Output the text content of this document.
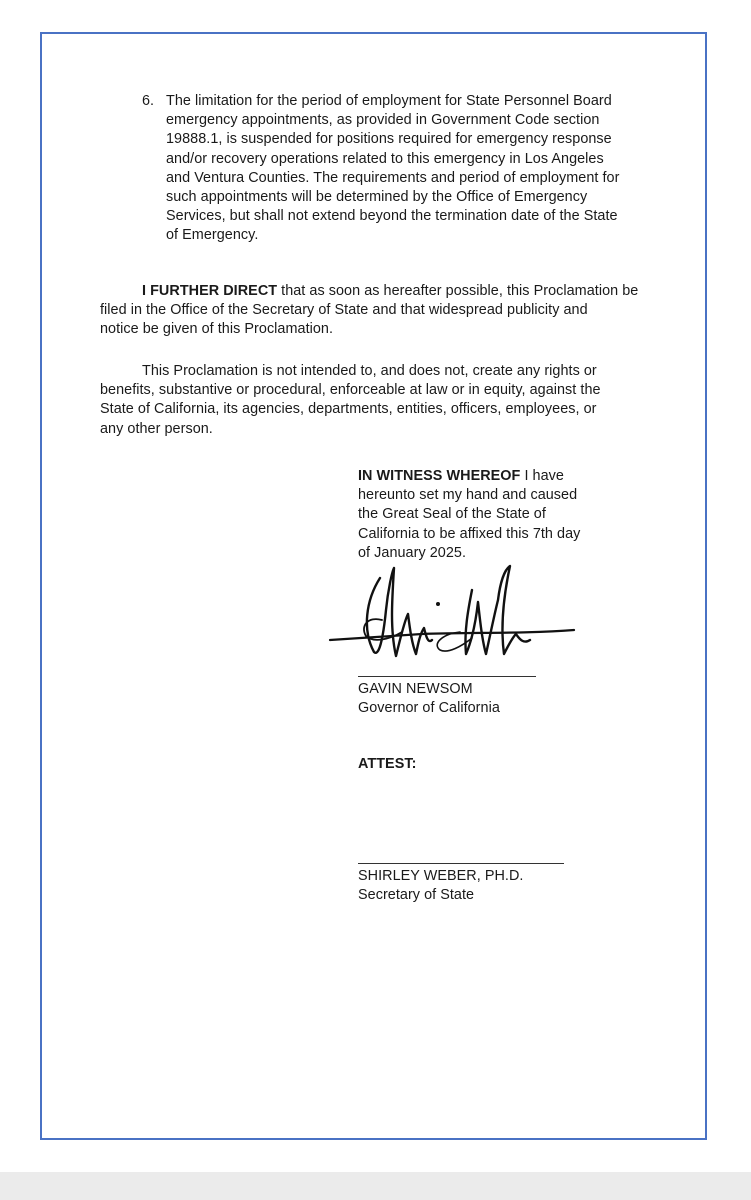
6. The limitation for the period of employment for State Personnel Board
emergency appointments, as provided in Government Code section
19888.1, is suspended for positions required for emergency response
and/or recovery operations related to this emergency in Los Angeles
and Ventura Counties. The requirements and period of employment for
such appointments will be determined by the Office of Emergency
Services, but shall not extend beyond the termination date of the State
of Emergency.
I FURTHER DIRECT that as soon as hereafter possible, this Proclamation be
filed in the Office of the Secretary of State and that widespread publicity and
notice be given of this Proclamation.
This Proclamation is not intended to, and does not, create any rights or
benefits, substantive or procedural, enforceable at law or in equity, against the
State of California, its agencies, departments, entities, officers, employees, or
any other person.
IN WITNESS WHEREOF I have
hereunto set my hand and caused
the Great Seal of the State of
California to be affixed this 7th day
of January 2025.
GAVIN NEWSOM
Governor of California
ATTEST:
SHIRLEY WEBER, PH.D.
Secretary of State
